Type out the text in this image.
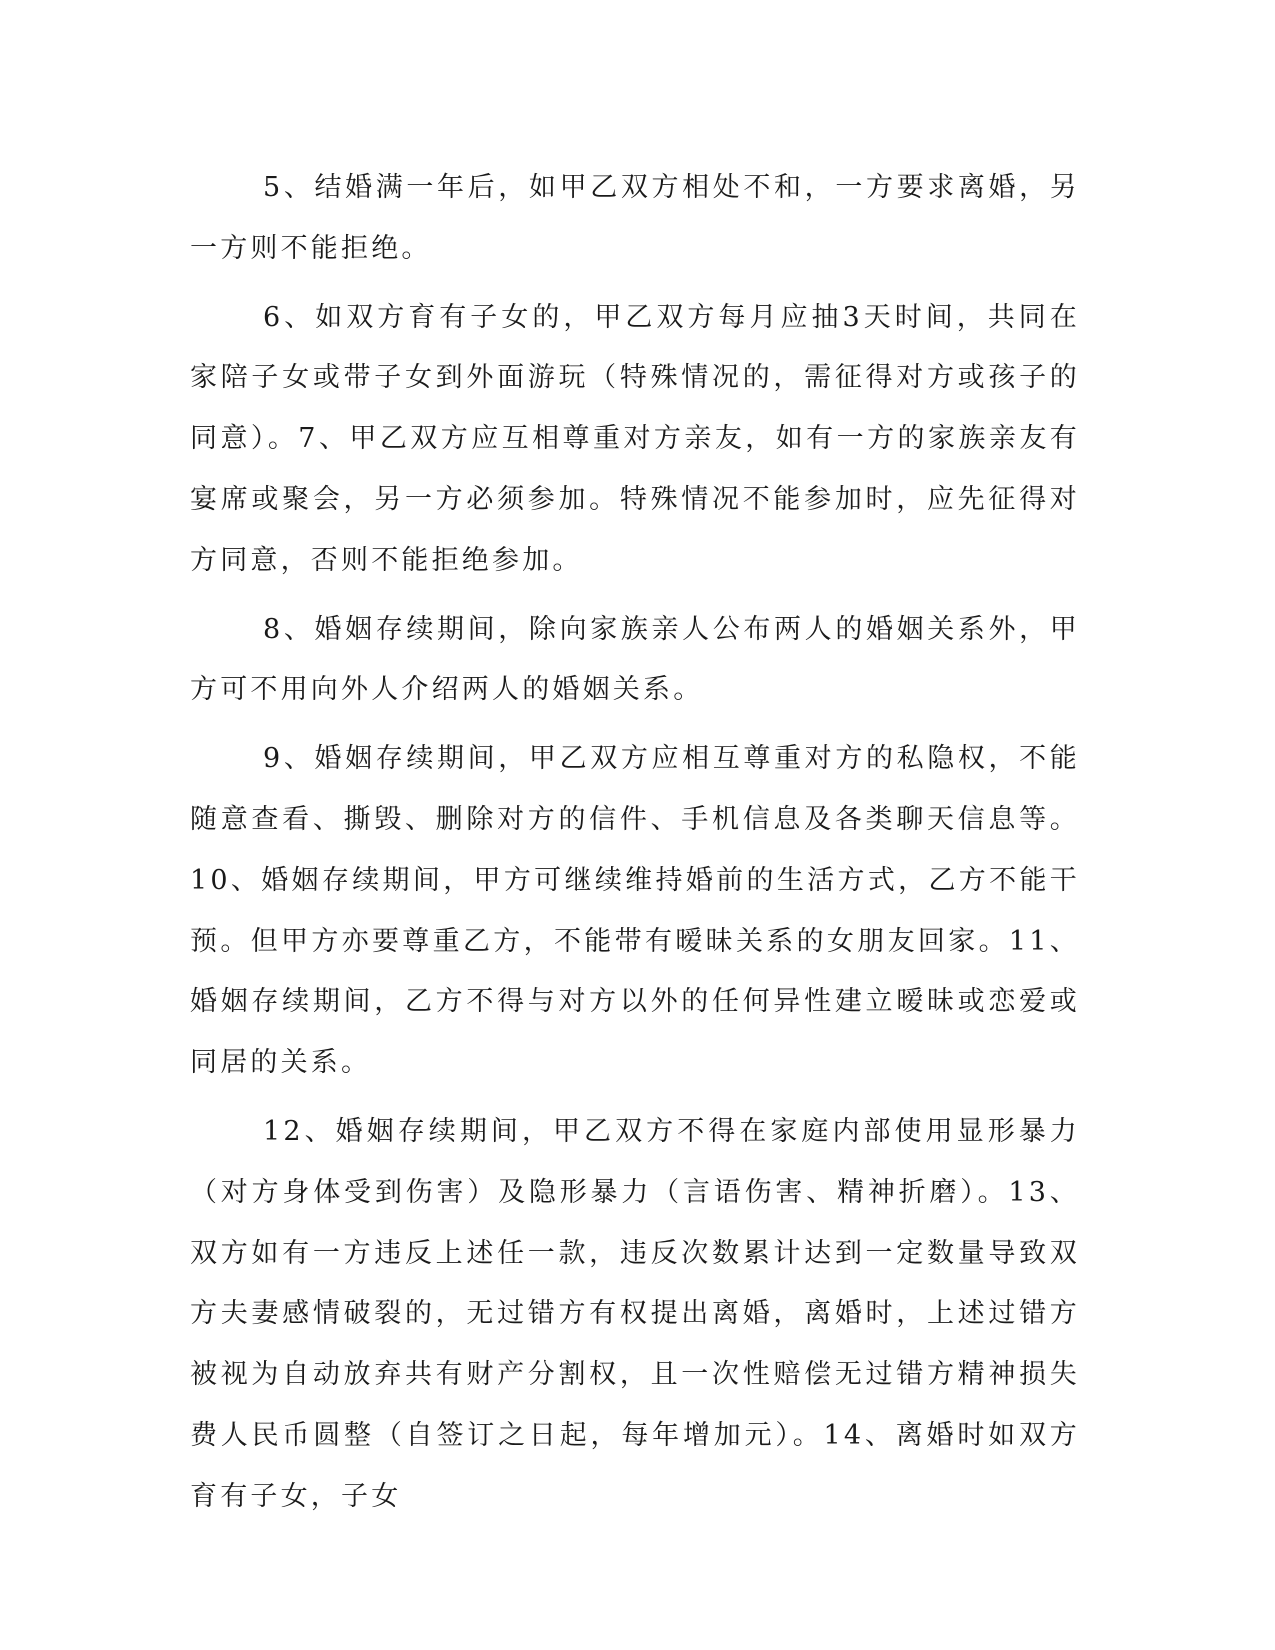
5、结婚满一年后，如甲乙双方相处不和，一方要求离婚，另一方则不能拒绝。

6、如双方育有子女的，甲乙双方每月应抽3天时间，共同在家陪子女或带子女到外面游玩（特殊情况的，需征得对方或孩子的同意）。7、甲乙双方应互相尊重对方亲友，如有一方的家族亲友有宴席或聚会，另一方必须参加。特殊情况不能参加时，应先征得对方同意，否则不能拒绝参加。

8、婚姻存续期间，除向家族亲人公布两人的婚姻关系外，甲方可不用向外人介绍两人的婚姻关系。

9、婚姻存续期间，甲乙双方应相互尊重对方的私隐权，不能随意查看、撕毁、删除对方的信件、手机信息及各类聊天信息等。10、婚姻存续期间，甲方可继续维持婚前的生活方式，乙方不能干预。但甲方亦要尊重乙方，不能带有暧昧关系的女朋友回家。11、婚姻存续期间，乙方不得与对方以外的任何异性建立暧昧或恋爱或同居的关系。

12、婚姻存续期间，甲乙双方不得在家庭内部使用显形暴力（对方身体受到伤害）及隐形暴力（言语伤害、精神折磨）。13、双方如有一方违反上述任一款，违反次数累计达到一定数量导致双方夫妻感情破裂的，无过错方有权提出离婚，离婚时，上述过错方被视为自动放弃共有财产分割权，且一次性赔偿无过错方精神损失费人民币圆整（自签订之日起，每年增加元）。14、离婚时如双方育有子女，子女
